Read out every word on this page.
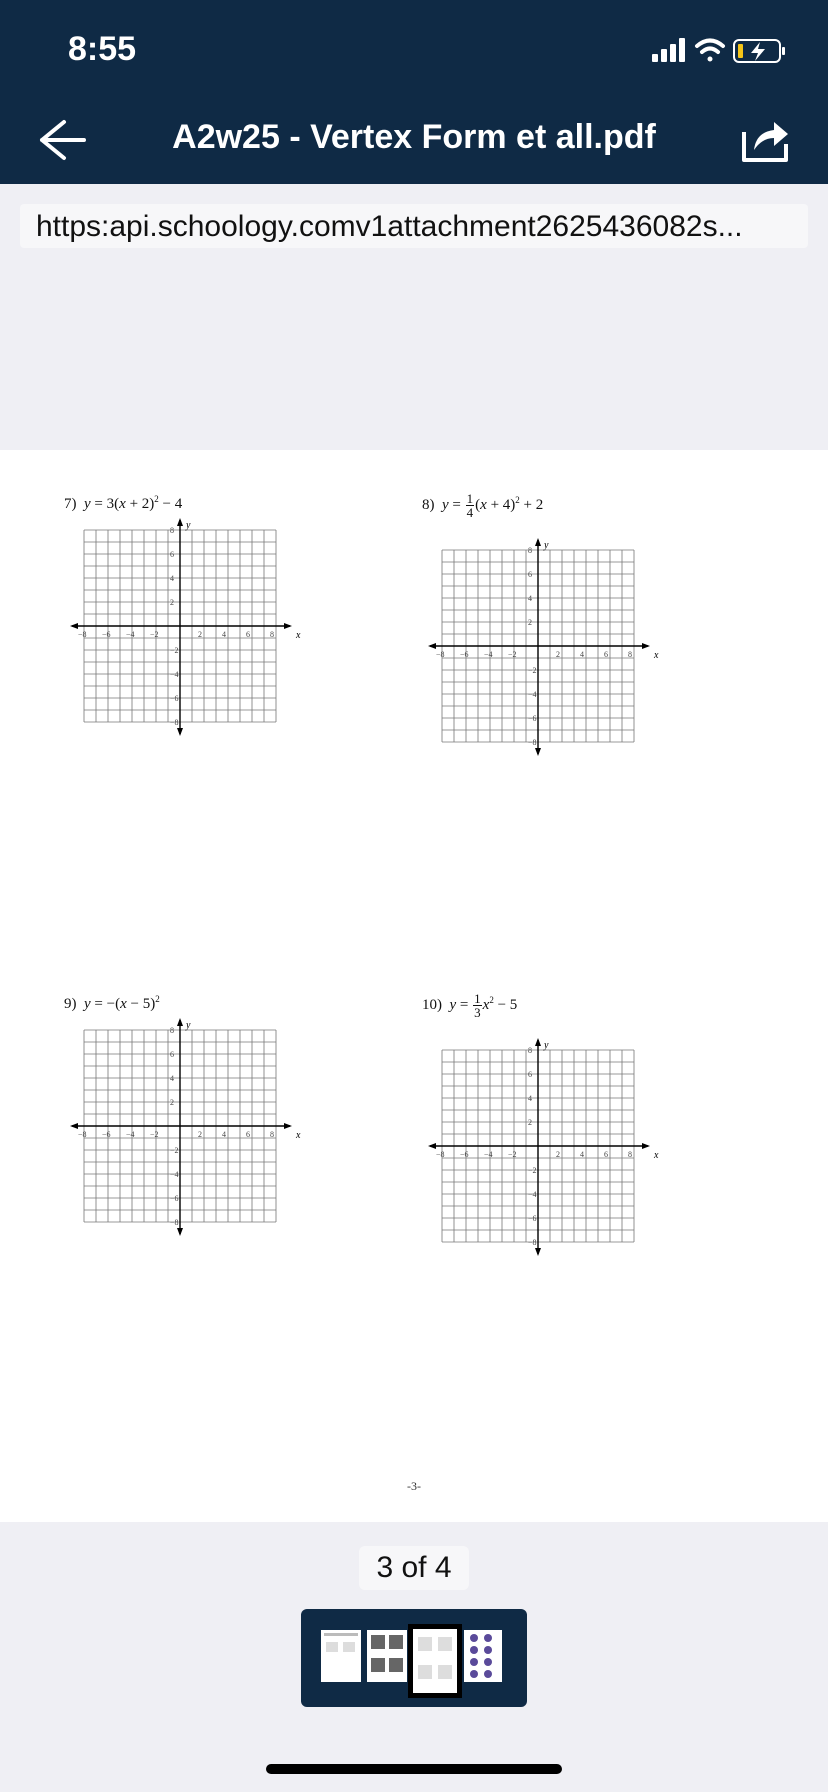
8:55
A2w25 - Vertex Form et all.pdf
https:api.schoology.comv1attachment2625436082s...
7) $y = 3(x + 2)^2 - 4$
x
y
−8 −6 −4 −2	2	4	6	8
8
6
4
2
−2
−4
−6
−8
8) $y = \frac{1}{4} (x + 4)^2 + 2$
x
y
−8 −6 −4 −2	2	4	6	8
8
6
4
2
−2
−4
−6
−8
9) $y = -(x - 5)^2$
x
y
−8 −6 −4 −2	2	4	6	8
8
6
4
2
−2
−4
−6
−8
10) $y = \frac{1}{3} x^2 - 5$
x
y
−8 −6 −4 −2	2	4	6	8
8
6
4
2
−2
−4
−6
−8
-3-
3 of 4
